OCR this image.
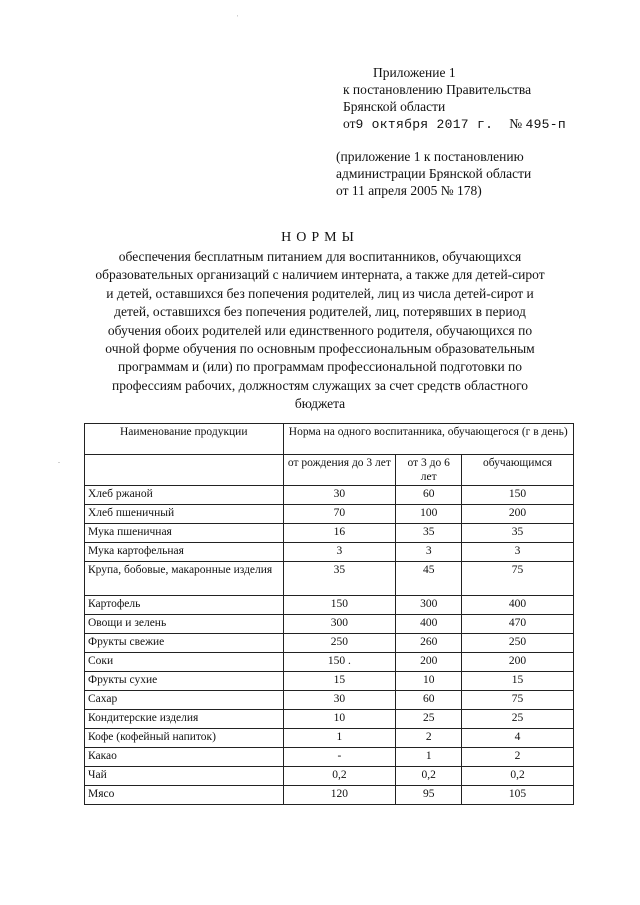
Приложение 1
к постановлению Правительства
Брянской области
от9 октября 2017 г. № 495-п
(приложение 1 к постановлению
администрации Брянской области
от 11 апреля 2005 № 178)
НОРМЫ
обеспечения бесплатным питанием для воспитанников, обучающихся
образовательных организаций с наличием интерната, а также для детей-сирот
и детей, оставшихся без попечения родителей, лиц из числа детей-сирот и
детей, оставшихся без попечения родителей, лиц, потерявших в период
обучения обоих родителей или единственного родителя, обучающихся по
очной форме обучения по основным профессиональным образовательным
программам и (или) по программам профессиональной подготовки по
профессиям рабочих, должностям служащих за счет средств областного
бюджета
Наименование продукции	Норма на одного воспитанника, обучающегося (г в день)		
	от рождения до 3 лет	от 3 до 6 лет	обучающимся
Хлеб ржаной	30	60	150
Хлеб пшеничный	70	100	200
Мука пшеничная	16	35	35
Мука картофельная	3	3	3
Крупа, бобовые, макаронные изделия	35	45	75
Картофель	150	300	400
Овощи и зелень	300	400	470
Фрукты свежие	250	260	250
Соки	150 .	200	200
Фрукты сухие	15	10	15
Сахар	30	60	75
Кондитерские изделия	10	25	25
Кофе (кофейный напиток)	1	2	4
Какао	-	1	2
Чай	0,2	0,2	0,2
Мясо	120	95	105
ˈ
.
